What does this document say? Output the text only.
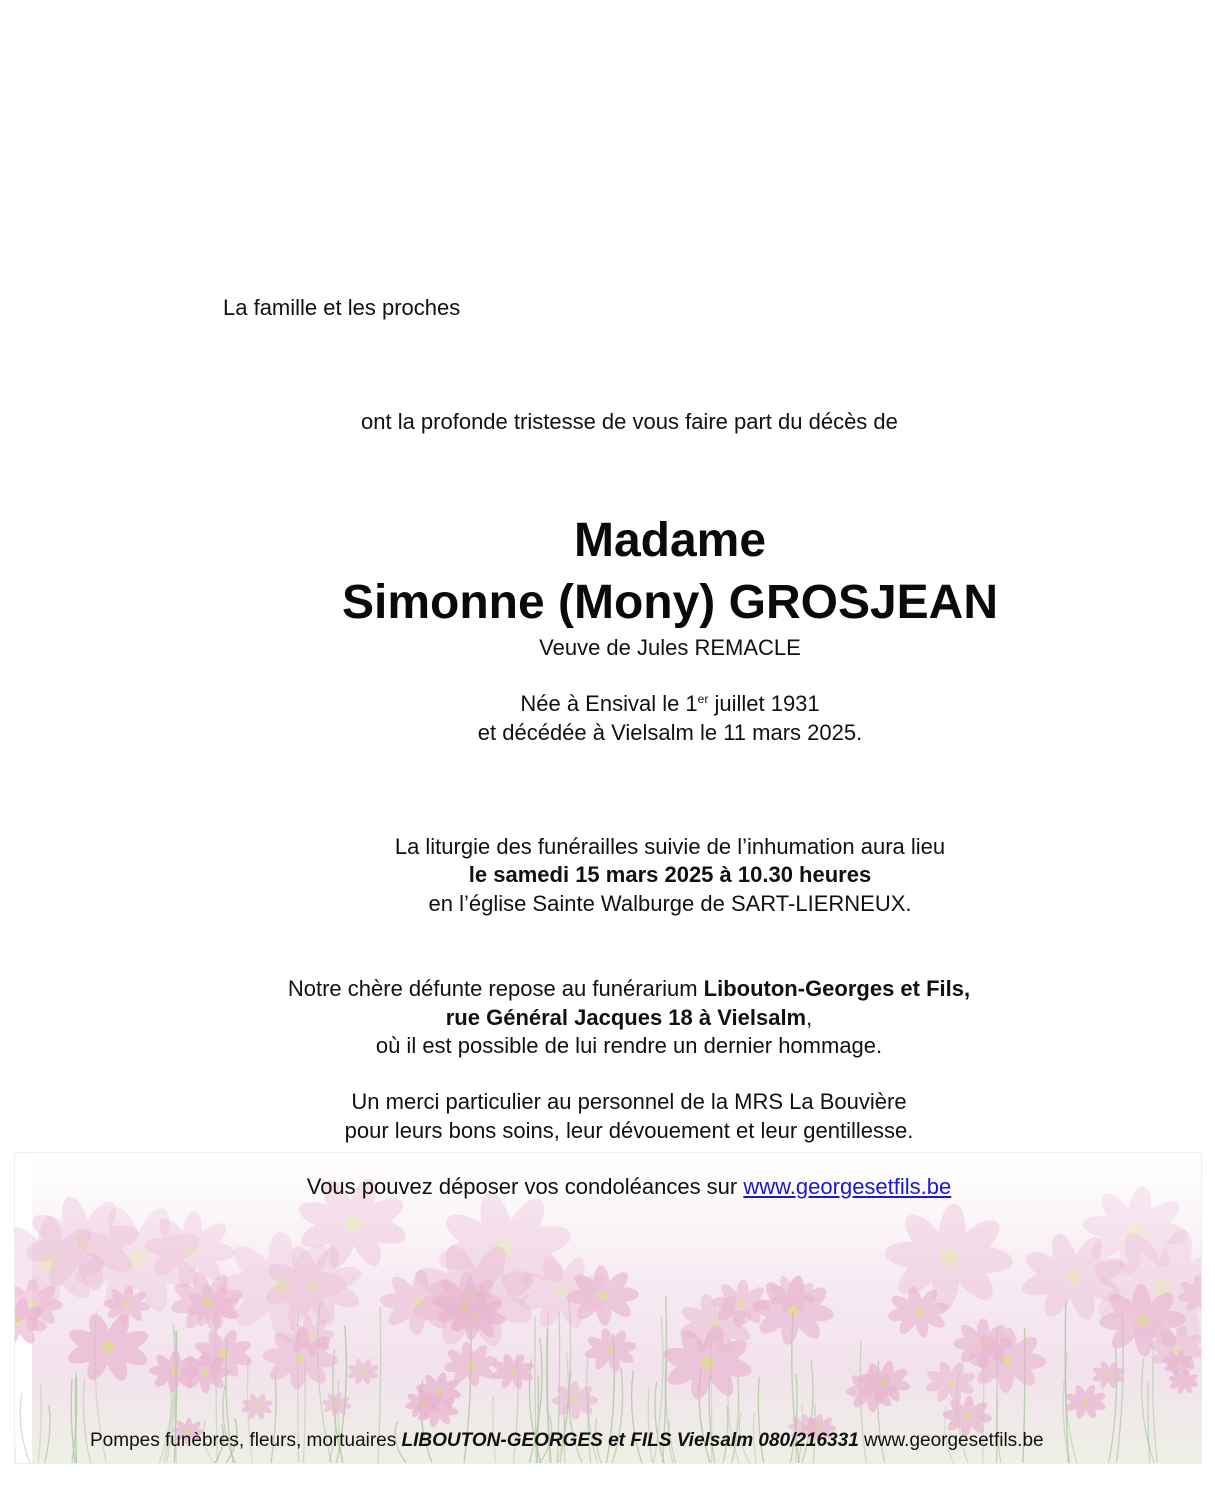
La famille et les proches
ont la profonde tristesse de vous faire part du décès de
Madame
Simonne (Mony) GROSJEAN
Veuve de Jules REMACLE
Née à Ensival le 1er juillet 1931
et décédée à Vielsalm le 11 mars 2025.
La liturgie des funérailles suivie de l’inhumation aura lieu
le samedi 15 mars 2025 à 10.30 heures
en l’église Sainte Walburge de SART-LIERNEUX.
Notre chère défunte repose au funérarium Libouton-Georges et Fils,
rue Général Jacques 18 à Vielsalm,
où il est possible de lui rendre un dernier hommage.
Un merci particulier au personnel de la MRS La Bouvière
pour leurs bons soins, leur dévouement et leur gentillesse.
Vous pouvez déposer vos condoléances sur www.georgesetfils.be
Pompes funèbres, fleurs, mortuaires LIBOUTON-GEORGES et FILS Vielsalm 080/216331 www.georgesetfils.be
